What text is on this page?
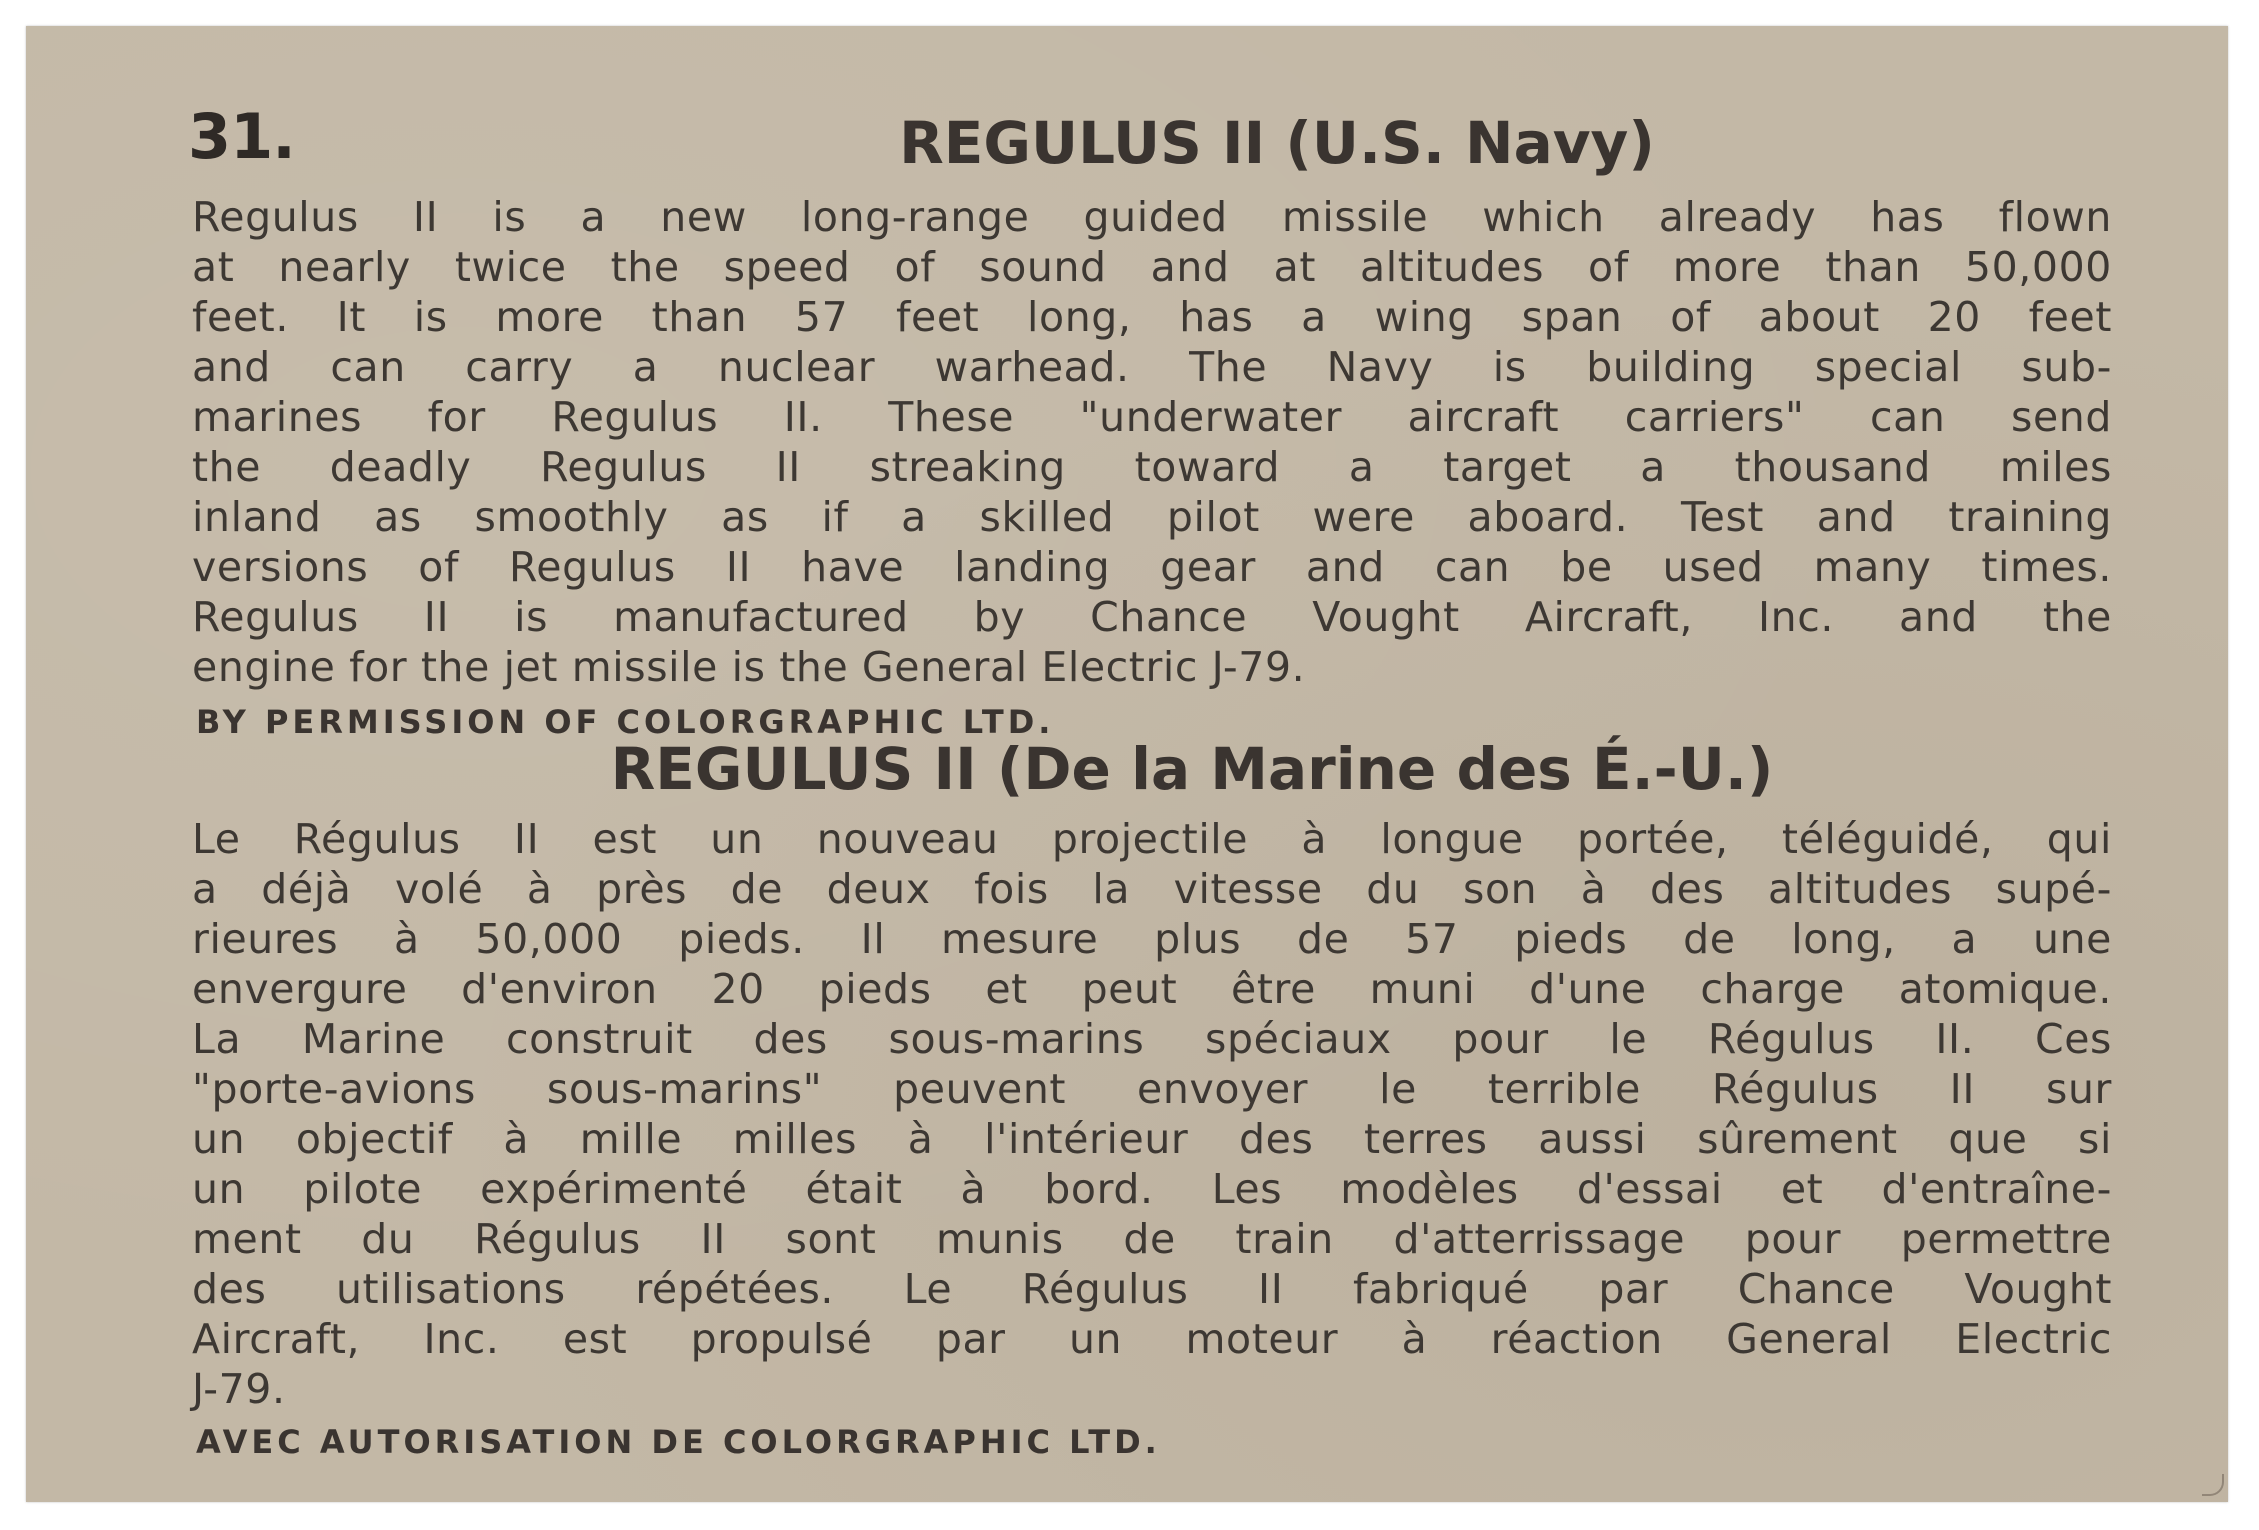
31.	REGULUS II (U.S. Navy)
Regulus II is a new long-range guided missile which already has flown
at nearly twice the speed of sound and at altitudes of more than 50,000
feet. It is more than 57 feet long, has a wing span of about 20 feet
and can carry a nuclear warhead. The Navy is building special sub-
marines for Regulus II. These "underwater aircraft carriers" can send
the deadly Regulus II streaking toward a target a thousand miles
inland as smoothly as if a skilled pilot were aboard. Test and training
versions of Regulus II have landing gear and can be used many times.
Regulus II is manufactured by Chance Vought Aircraft, Inc. and the
engine for the jet missile is the General Electric J-79.
BY PERMISSION OF COLORGRAPHIC LTD.
REGULUS II (De la Marine des É.-U.)
Le Régulus II est un nouveau projectile à longue portée, téléguidé, qui
a déjà volé à près de deux fois la vitesse du son à des altitudes supé-
rieures à 50,000 pieds. Il mesure plus de 57 pieds de long, a une
envergure d'environ 20 pieds et peut être muni d'une charge atomique.
La Marine construit des sous-marins spéciaux pour le Régulus II. Ces
"porte-avions sous-marins" peuvent envoyer le terrible Régulus II sur
un objectif à mille milles à l'intérieur des terres aussi sûrement que si
un pilote expérimenté était à bord. Les modèles d'essai et d'entraîne-
ment du Régulus II sont munis de train d'atterrissage pour permettre
des utilisations répétées. Le Régulus II fabriqué par Chance Vought
Aircraft, Inc. est propulsé par un moteur à réaction General Electric
J-79.
AVEC AUTORISATION DE COLORGRAPHIC LTD.
